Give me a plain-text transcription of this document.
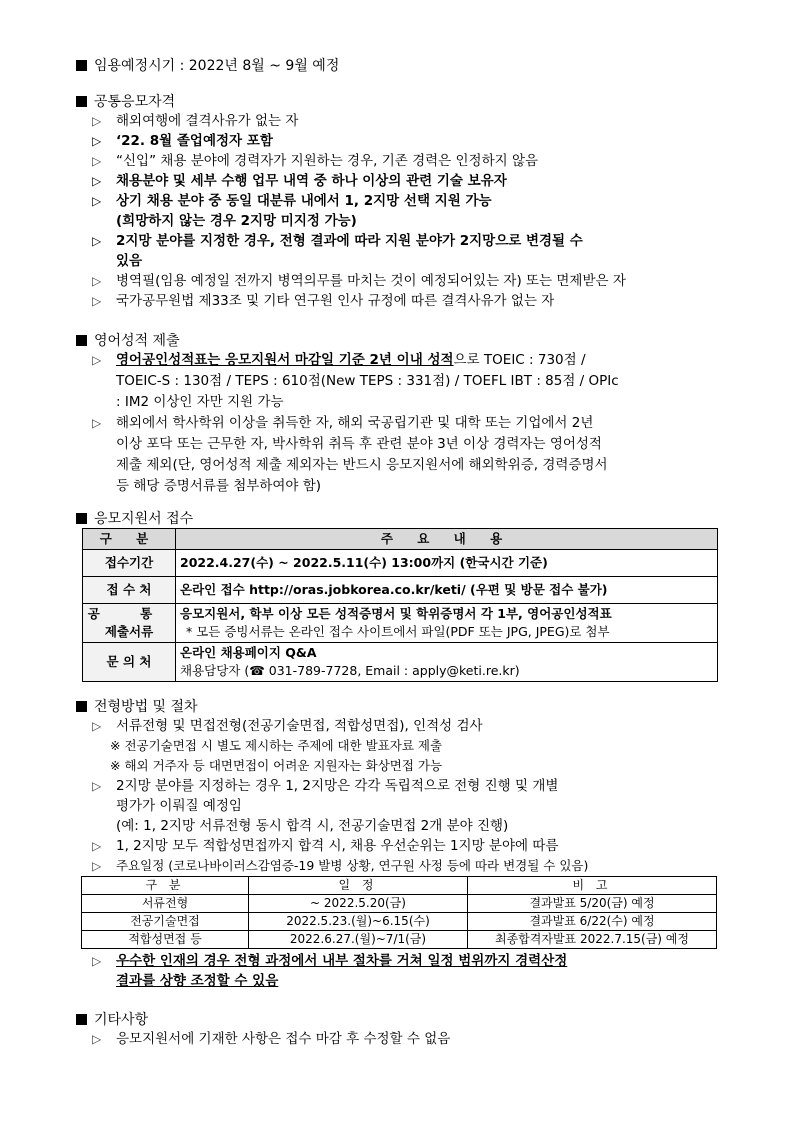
임용예정시기 : 2022년 8월 ~ 9월 예정
공통응모자격
▷ 해외여행에 결격사유가 없는 자
▷ ‘22. 8월 졸업예정자 포함
▷ “신입” 채용 분야에 경력자가 지원하는 경우, 기존 경력은 인정하지 않음
▷ 채용분야 및 세부 수행 업무 내역 중 하나 이상의 관련 기술 보유자
▷ 상기 채용 분야 중 동일 대분류 내에서 1, 2지망 선택 지원 가능
(희망하지 않는 경우 2지망 미지정 가능)
▷ 2지망 분야를 지정한 경우, 전형 결과에 따라 지원 분야가 2지망으로 변경될 수
있음
▷ 병역필(임용 예정일 전까지 병역의무를 마치는 것이 예정되어있는 자) 또는 면제받은 자
▷ 국가공무원법 제33조 및 기타 연구원 인사 규정에 따른 결격사유가 없는 자
영어성적 제출
▷ 영어공인성적표는 응모지원서 마감일 기준 2년 이내 성적으로 TOEIC : 730점 /
TOEIC-S : 130점 / TEPS : 610점(New TEPS : 331점) / TOEFL IBT : 85점 / OPIc
: IM2 이상인 자만 지원 가능
▷ 해외에서 학사학위 이상을 취득한 자, 해외 국공립기관 및 대학 또는 기업에서 2년
이상 포닥 또는 근무한 자, 박사학위 취득 후 관련 분야 3년 이상 경력자는 영어성적
제출 제외(단, 영어성적 제출 제외자는 반드시 응모지원서에 해외학위증, 경력증명서
등 해당 증명서류를 첨부하여야 함)
응모지원서 접수
구 분	주 요 내 용
접수기간	2022.4.27(수) ~ 2022.5.11(수) 13:00까지 (한국시간 기준)
접 수 처	온라인 접수 http://oras.jobkorea.co.kr/keti/ (우편 및 방문 접수 불가)
공 통
제출서류	응모지원서, 학부 이상 모든 성적증명서 및 학위증명서 각 1부, 영어공인성적표
* 모든 증빙서류는 온라인 접수 사이트에서 파일(PDF 또는 JPG, JPEG)로 첨부
문 의 처	온라인 채용페이지 Q&A
채용담당자 (☎ 031-789-7728, Email : apply@keti.re.kr)
전형방법 및 절차
▷ 서류전형 및 면접전형(전공기술면접, 적합성면접), 인적성 검사
※ 전공기술면접 시 별도 제시하는 주제에 대한 발표자료 제출
※ 해외 거주자 등 대면면접이 어려운 지원자는 화상면접 가능
▷ 2지망 분야를 지정하는 경우 1, 2지망은 각각 독립적으로 전형 진행 및 개별
평가가 이뤄질 예정임
(예: 1, 2지망 서류전형 동시 합격 시, 전공기술면접 2개 분야 진행)
▷ 1, 2지망 모두 적합성면접까지 합격 시, 채용 우선순위는 1지망 분야에 따름
▷ 주요일정 (코로나바이러스감염증-19 발병 상황, 연구원 사정 등에 따라 변경될 수 있음)
구 분	일 정	비 고
서류전형	~ 2022.5.20(금)	결과발표 5/20(금) 예정
전공기술면접	2022.5.23.(월)~6.15(수)	결과발표 6/22(수) 예정
적합성면접 등	2022.6.27.(월)~7/1(금)	최종합격자발표 2022.7.15(금) 예정
▷ 우수한 인재의 경우 전형 과정에서 내부 절차를 거쳐 일정 범위까지 경력산정
결과를 상향 조정할 수 있음
기타사항
▷ 응모지원서에 기재한 사항은 접수 마감 후 수정할 수 없음
